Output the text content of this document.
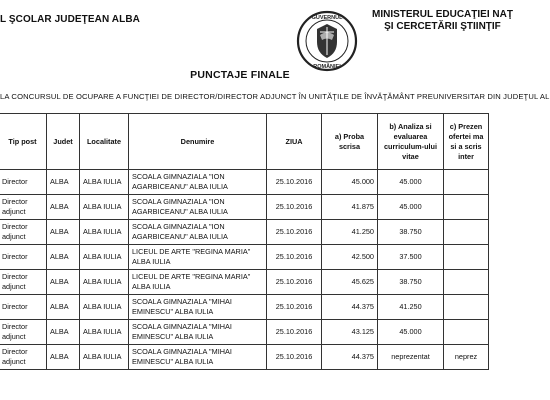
L ŞCOLAR JUDEŢEAN ALBA	GUVERNUL
ROMÂNIEI
MINISTERUL EDUCAŢIEI NAŢ
ŞI CERCETĂRII ŞTIINŢIF
PUNCTAJE FINALE
LA CONCURSUL DE OCUPARE A FUNCŢIEI DE DIRECTOR/DIRECTOR ADJUNCT ÎN UNITĂŢILE DE ÎNVĂŢĂMÂNT PREUNIVERSITAR DIN JUDEŢUL AL
Tip post	Judet	Localitate	Denumire	ZIUA	a) Proba scrisa	b) Analiza si evaluarea curriculum-ului vitae	c) Prezen ofertei ma si a scris inter
Director	ALBA	ALBA IULIA	SCOALA GIMNAZIALA "ION AGARBICEANU" ALBA IULIA	25.10.2016	45.000	45.000	
Director adjunct	ALBA	ALBA IULIA	SCOALA GIMNAZIALA "ION AGARBICEANU" ALBA IULIA	25.10.2016	41.875	45.000	
Director adjunct	ALBA	ALBA IULIA	SCOALA GIMNAZIALA "ION AGARBICEANU" ALBA IULIA	25.10.2016	41.250	38.750	
Director	ALBA	ALBA IULIA	LICEUL DE ARTE "REGINA MARIA" ALBA IULIA	25.10.2016	42.500	37.500	
Director adjunct	ALBA	ALBA IULIA	LICEUL DE ARTE "REGINA MARIA" ALBA IULIA	25.10.2016	45.625	38.750	
Director	ALBA	ALBA IULIA	SCOALA GIMNAZIALA "MIHAI EMINESCU" ALBA IULIA	25.10.2016	44.375	41.250	
Director adjunct	ALBA	ALBA IULIA	SCOALA GIMNAZIALA "MIHAI EMINESCU" ALBA IULIA	25.10.2016	43.125	45.000	
Director adjunct	ALBA	ALBA IULIA	SCOALA GIMNAZIALA "MIHAI EMINESCU" ALBA IULIA	25.10.2016	44.375	neprezentat	neprez
